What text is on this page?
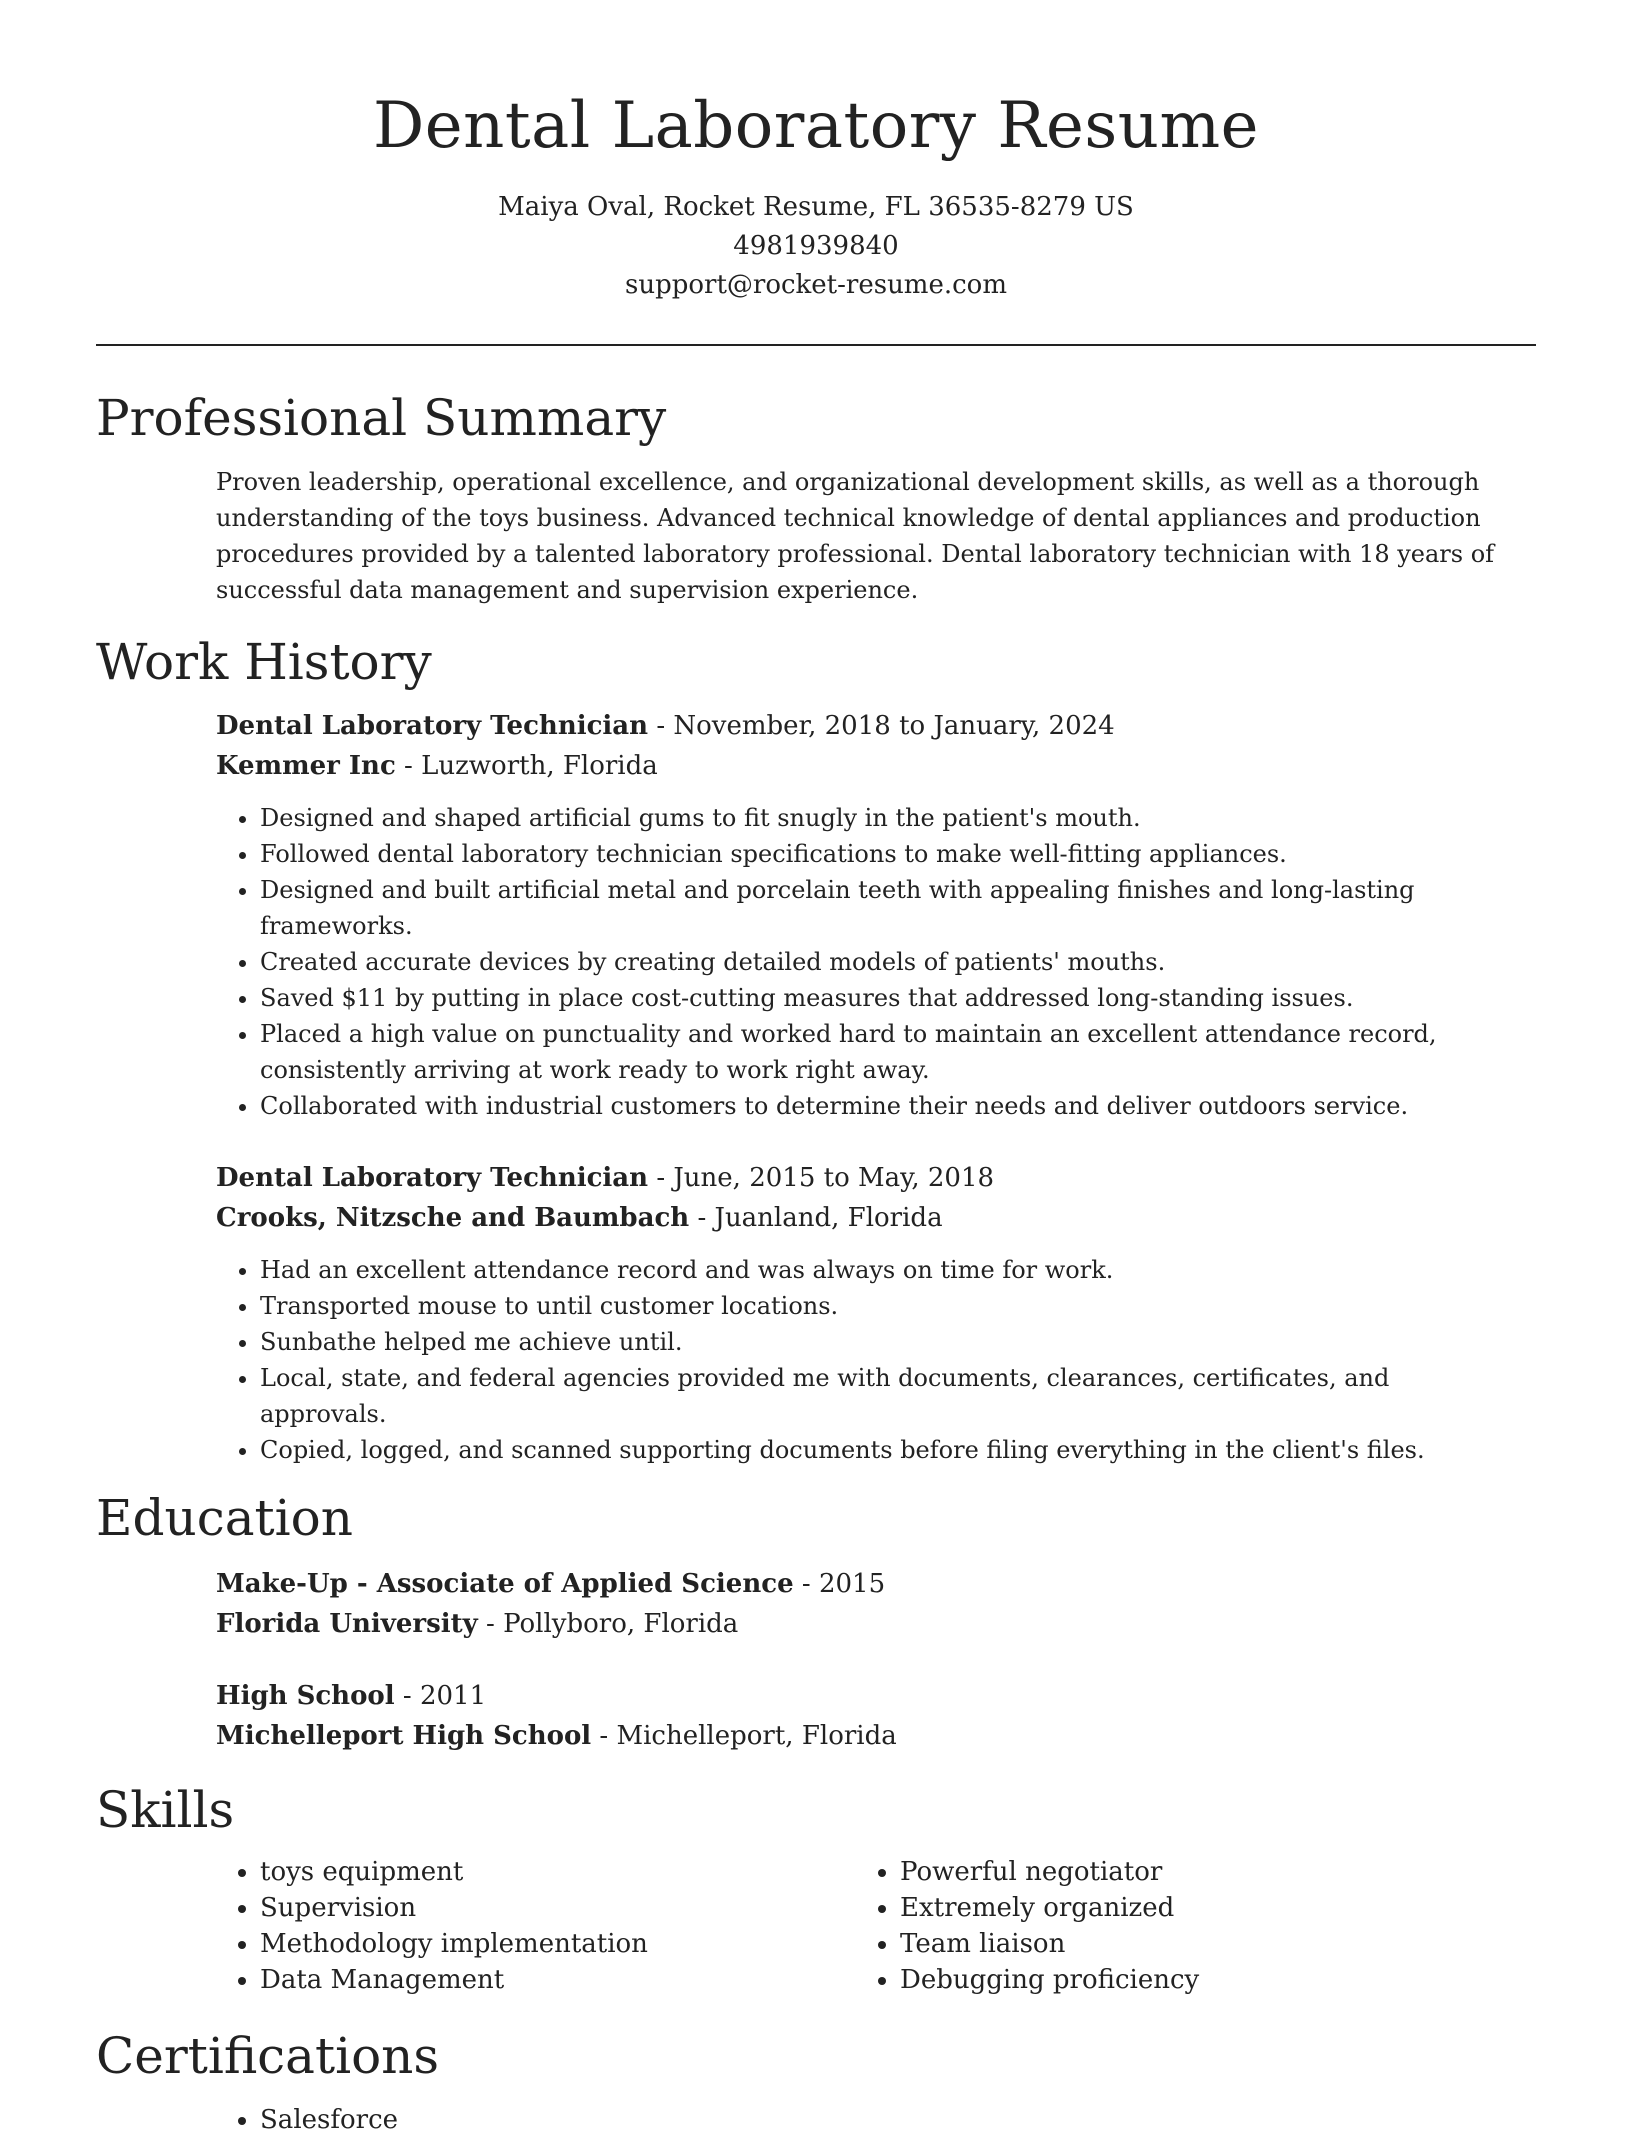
Dental Laboratory Resume
Maiya Oval, Rocket Resume, FL 36535-8279 US
4981939840
support@rocket-resume.com
Professional Summary

Proven leadership, operational excellence, and organizational development skills, as well as a thorough understanding of the toys business. Advanced technical knowledge of dental appliances and production procedures provided by a talented laboratory professional. Dental laboratory technician with 18 years of successful data management and supervision experience.

Work History

Dental Laboratory Technician - November, 2018 to January, 2024

Kemmer Inc - Luzworth, Florida

• Designed and shaped artificial gums to fit snugly in the patient's mouth.
• Followed dental laboratory technician specifications to make well-fitting appliances.
• Designed and built artificial metal and porcelain teeth with appealing finishes and long-lasting frameworks.
• Created accurate devices by creating detailed models of patients' mouths.
• Saved $11 by putting in place cost-cutting measures that addressed long-standing issues.
• Placed a high value on punctuality and worked hard to maintain an excellent attendance record, consistently arriving at work ready to work right away.
• Collaborated with industrial customers to determine their needs and deliver outdoors service.

Dental Laboratory Technician - June, 2015 to May, 2018

Crooks, Nitzsche and Baumbach - Juanland, Florida

• Had an excellent attendance record and was always on time for work.
• Transported mouse to until customer locations.
• Sunbathe helped me achieve until.
• Local, state, and federal agencies provided me with documents, clearances, certificates, and approvals.
• Copied, logged, and scanned supporting documents before filing everything in the client's files.
Education

Make-Up - Associate of Applied Science - 2015

Florida University - Pollyboro, Florida

High School - 2011

Michelleport High School - Michelleport, Florida

Skills
• toys equipment
• Supervision
• Methodology implementation
• Data Management
• Powerful negotiator
• Extremely organized
• Team liaison
• Debugging proficiency
Certifications
• Salesforce
